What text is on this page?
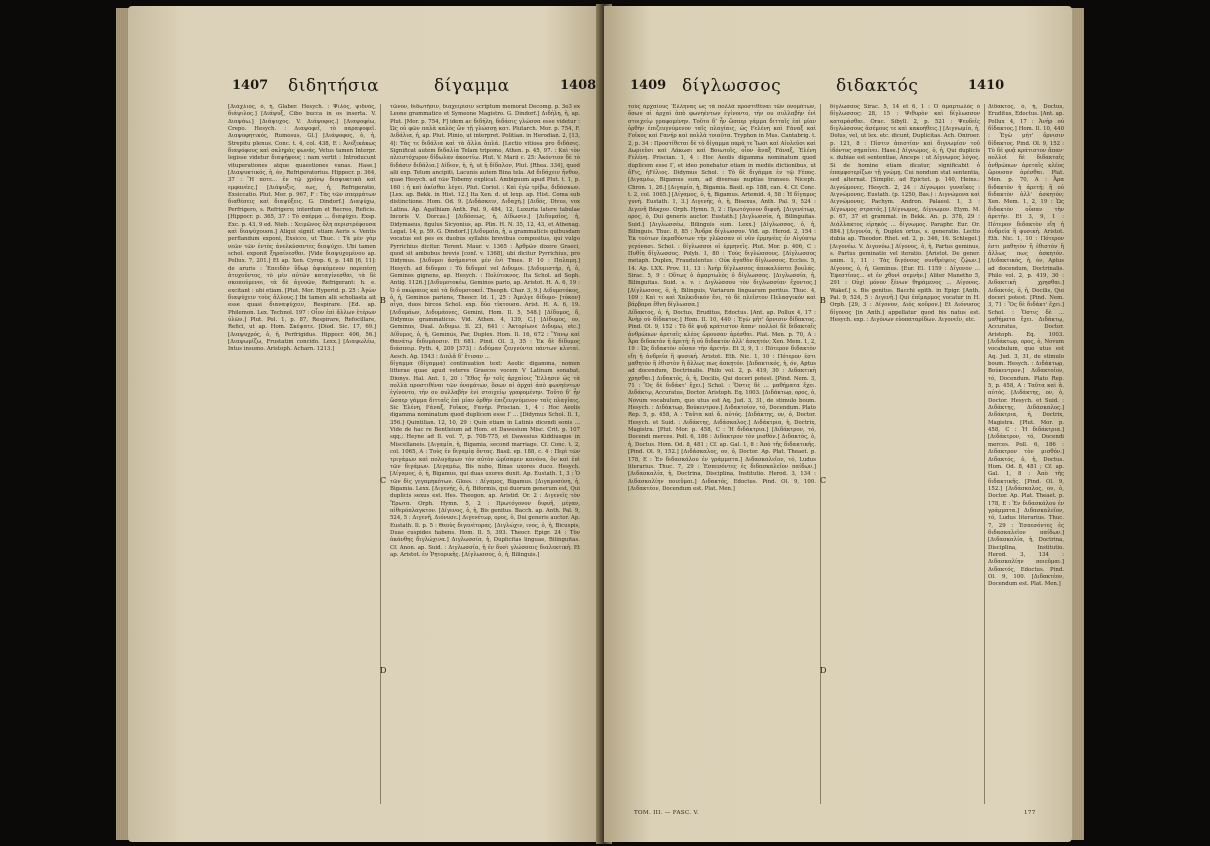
1407 διδητήσια	δίγαμμα	1408

[Διάχλιος, ὁ, ἡ, Glaber. Hesych. : Ψιλός, ψιδνός, διάψιλος.] [Διάψυξ, Cibo bucca in os inserta. V. Διαψάω.] [Διάψυχος. V. Διάψοφος.] [Διαψοφέω, Crepo. Hesych. : Διαψοφεῖ, τὸ παραψοφεῖ. Διαψοφητικός, Rumosus, Gl.] [Διάψοφος, ὁ, ἡ, Strepitu plenus. Conc. t. 4, col. 438, E : Ἀνεξικάκως διαψόφους καὶ σκληρὰς φωνάς. Vetus tamen Interpr. legisse videtur διαψήφους : nam vertit : Introducunt vituperationes atque quaestiones vanas. Hase.] [Διαψυκτικός, ἡ, όν, Refrigeratorius. Hippocr. p. 364, 37 : Ἢ ποτε... ἐν τῷ χρόνῳ διαψυκτικὰ καὶ εμφανέες.] [Διάψυξις, εως, ἡ, Refrigeratio, Exsiccatio. Plut. Mor. p. 967, F : Τὰς τῶν σπερμάτων διαθέσεις καὶ διαψύξεις. G. Dindorf.] Διαψύχω, Perfrigero, s. Refrigero; interdum et Recreo, Reficio. [Hippocr. p. 365, 37 : Τὸ σπέρμα ... διαψύχει. Exsp. Exc. p. 43, 9 ed. Nieb. : Χειμῶνος ὅλη περιστρέφουσα καὶ διαψύχουσα.] Aliqui signif. etiam Aeris s. Ventis perflandum exponi, Exsicco, ut Thuc. : Τὰ μὲν γὰρ νεῶν τῶν ἐντὸς ἀνελκύσαντες διαψύχει. Ubi tamen schol. exponit ξηραίνεσθαι. [Vide διαψυχομένου ap. Pollux. 7, 201.] Et ap. Xen. Cyrop. 6, p. 148 [6, 11]: de aruris : Ἐπειδὰν ὕδωρ ἀφικόμενον παρεπέσῃ ἀτυχοῦντος, τὸ μὲν αὐτῶν καταγίνεσθαι, τὰ δὲ σκοπούμενοι, τὰ δὲ ἀγνοῶν, Refrigerant: h. e. excitant : ubi etiam. [Plut. Mor. Hyperid. p. 25 : Ἀγὼν διαψύχειν τοὺς ἄλλους.] Ibi tamen alii scholiasta ait esse quasi διαναψύχειν, Respirare. [Ed. ap. Philemon. Lex. Technol. 197 : Οἷον ἐπὶ ἄλλων ἑτέρων ὑλῶν.] Plut. Pol. 1, p. 87, Respirare, Refocillare, Refici, ut ap. Hom. Σκέψατε. [Diod. Sic. 17, 69.] [Διαψυχρός, ὁ, ἡ, Perfrigidus. Hippocr. 406, 56.] [Διαψωμίζω, Frustatim concido. Lexx.] [Διαψωλέω, Intus insumo. Aristoph. Acharn. 1213.]

B
C
D

τῶνον, διδωτῆσιν, διαχειρίσιν scriptum memorat Decomg. p. 3ο3 ex Leone grammatico et Symeone Magistro. G. Dindorf.] Διδήλη, ἡ, ap. Plut. [Mor. p. 754, F] idem ac διδήλη, διδάσις γλώσσα esse videtur : Ὡς οὐ φῶν παλὰ καλὸς ὢν τῇ γλώσσῃ κατ. Plutarch. Mor. p. 754, F. Διδάλια, ἡ, ap. Plut. Plinio, ut interpret. Politian. in Herodian. 2, [13, 4]: Τὰς τε διδάλια καὶ τὰ ἄλλα ἁπλά. [Lectio vitiosa pro διδάσις. Significat autem διδαλία Telam tripomo, Athen. p. 45, 97. : Καὶ τὸν πλειστόχυρον δίδωλαν ἀκοντίω. Plut. V. Marii c. 25: Ἀκόντιον δὲ τὸ διδάσιν διδάλια.] Δίδιον, ἡ, ἡ, ut ἡ δίδαλον, Plut. [Rhea. 334], quod alii exp. Telum ancipiti, Lacunis autem Bina tela. Ad διδάχειν ἤνθον, quae Hesych. ad τῶν Tobemy explicat. Ambiguum apud Plut. t. 1, p. 160 : ἡ καὶ ἀκίσθαι λέγει. Plut. Coriol. : Καὶ ἐγὼ τρίβω, διδάσκων. [Lex. ap. Bekk. in Hist. 12.] Ita Xen. d. ut lexp. ap. Hist. Coma sub distinctione. Hom. Od. 9. [Διδάσκειν, Διδαχή.] [Διδός, Divus, vox Latina. Ap. Agathiam Anth. Pal. 9, 484, 12, Luxuria latere tabulae Incoris V. Dorcas.] [Διδόσεως, ἡ, Δίδωσιν.] [Διδυμαῖος, ἡ, Didymaeus, figulus Sicyonius, ap. Plin. H. N. 35, 12, 43, et Athenag. Legat. 14, p. 59. G. Dindorf.] [Διδυμαία, ἡ, a grammaticis quibusdam vocatus est pes ex duobus syllabis brevibus compositus, qui vulgo Pyrrichius dicitur. Terent. Maur. v. 1365 : Ἀρθρῶν dixere Graeci, quod sit ambobus brevis [conf. v. 1368], ubi dicitur Pyrrichius, pro Didymus. [Διδυμοι ἀσήμαντοι μὲν ἐνὶ Tmes. P. 10 : Παλαμη.] Hesych. ad διδυμαι : Τὸ διδυμαί vel Διδυμοι. [Διδυμιστήρ, ἡ, ὁ, Geminos gignens, ap. Hesych. : Πολύτεκνος. Ita Schol. ad Soph. Antig. 1126.] [Διδυμοτοκέω, Geminos pario, ap. Aristot. H. A. 6, 19 : Ὁ ὁ σκώρπιος καὶ τὰ διδυμοτοκεῖ. Theoph. Char. 3, 9.] Διδυμοτόκος, ὁ, ἡ, Geminos pariens, Theocr. Id. 1, 25 : Ἀμελγε δίδυμο- [τόκον] αἶγα, duos hircos Schol. exp. δύο τίκτουσα. Arist. H. A. 6, 19. [Διδυμάων, Διδυμάονες, Gemini, Hom. Il. 5, 548.] [Δίδυμος, δ, Didymus grammaticus. Vid. Athen. 4, 139, C.] [Δίδυμος, ον, Geminus, Dual. Διδυμω. Il. 23, 641 : Ἀκτορίωνε Διδυμω, etc.] Δίδυμος, ὁ, ἡ, Geminus, Par, Duplex. Hom. Il. 16, 672 : Ὕπνῳ καὶ Θανάτῳ διδυμάοσιν. Et 681. Pind. Ol. 3, 35 : Ἐκ δὲ δίδυμος διάσπειρ. Pyth. 4, 209 [373] : Διδύμαν ζευγνύντα πάντων κλυταί. Aesch. Ag. 1543 : Διπλᾶ δ’ ἔτισαν ...

δίγαμμα (δίγαμμα) continuation text: Aeolic digamma, nomen litterae quae apud veteres Graecos vocem V Latinam sonabat. Dionys. Hal. Ant. 1, 20 : Ἔθος ἦν τοῖς ἀρχαίοις Ἕλλησιν ὡς τὰ πολλὰ προστιθέναι τῶν ὀνομάτων, ὅσων αἱ ἀρχαὶ ἀπὸ φωνηέντων ἐγίνοντο, τὴν ου συλλαβὴν ἑνὶ στοιχείῳ γραφομένην. Τοῦτο δ’ ἦν ὥσπερ γάμμα διτταῖς ἐπὶ μίαν ὀρθὴν ἐπιζευγνύμενον ταῖς πλαγίαις. Sic Ἑλένη, Ϝάναξ, Ϝοῖκος, Ϝανήρ. Priscian. 1, 4 : Hoc Aeolis digamma nominatum quod duplicem esse Γ ... [Didymus Schol. Il. 1, 356.] Quintilian. 12, 10, 29 : Quin etiam in Latinis dicendi sonis ... Vide de hac re Bentleium ad Hom. et Dawesium Misc. Crit. p. 107 sqq.; Heyne ad Il. vol. 7, p. 708-775, et Dawesius Kiddiusque in Miscellaneis. [Διγαμία, ἡ, Bigamia, second marriage. Cf. Conc. t. 2, col. 1065, A : Τοὺς ἐν διγαμίᾳ ὄντας. Basil. ep. 188, c. 4 : Περὶ τῶν τριγάμων καὶ πολυγάμων τὸν αὐτὸν ὡρίσαμεν κανόνα, ὃν καὶ ἐπὶ τῶν διγάμων. [Διγαμέω, Bis nubo, Binas uxores duco. Hesych. [Δίγαμος, ὁ, ἡ, Bigamus, qui duas uxores duxit. Ap. Eustath. 1, 3 : Ὁ τῶν δὶς γεγαμηκότων. Gloss. : Δίγαμος, Bigamus. [Διγαμοσύνη, ἡ, Bigamia. Lexx. [Διγενής, ὁ, ἡ, Biformis, qui duorum generum est, Qui duplicis sexus est. Hes. Theogon. ap. Aristid. Or. 2 : Διγενεῖς τὸν Ἔρωτα. Orph. Hymn. 5, 2 : Πρωτόγονον διφυῆ, μέγαν, αἰθερόπλαγκτον. [Δίγενος, ὁ, ἡ, Bis genitus. Bacch. ap. Anth. Pal. 9, 524, 5 : Διγενῆ, Διόνυσε.] Διγενέτωρ, ορος, ὁ, Dui generis auctor. Ap. Eustath. Il. p. 5 : Θεοὺς διγενέτορας. [Διγλώχιν, ινος, ὁ, ἡ, Bicuspis, Duas cuspides habens. Hom. Il. 5, 393. Theocr. Epigr. 24 : Τὸν ἀκάνθης διγλώχινα.] Διγλωσσία, ἡ, Duplicitas linguae, Bilinguitas. Cf. Anon. ap. Suid. : Διγλωσσία, ἡ ἐν δυσὶ γλώσσαις διαλεκτική. Et ap. Aristot. ἐν Ῥητορικῆς. [Δίγλωσσος, ὁ, ἡ, Bilinguis.]

1409 δίγλωσσος	διδακτός	1410

τοὺς ἀρχαίους Ἕλληνας ὡς τὰ πολλὰ προστιθέναι τῶν ὀνομάτων, ὅσων αἱ ἀρχαὶ ἀπὸ φωνηέντων ἐγίνοντο, τὴν ου συλλαβὴν ἑνὶ στοιχείῳ γραφομένην. Τοῦτο δ’ ἦν ὥσπερ γάμμα διτταῖς ἐπὶ μίαν ὀρθὴν ἐπιζευγνύμενον ταῖς πλαγίαις, ὡς Ϝελένη καὶ Ϝάναξ καὶ Ϝοῖκος καὶ Ϝανήρ καὶ πολλὰ τοιαῦτα. Tryphon in Mus. Cantabrig. t. 2, p. 34 : Προστίθεται δὲ τὸ δίγαμμα παρὰ τε Ἴωσι καὶ Αἰολεῦσι καὶ Δωριεῦσι καὶ Λάκωσι καὶ Βοιωτοῖς, οἷον ἄναξ Ϝάναξ, Ἑλένη Ϝελένη. Priscian. 1, 4 : Hoc Aeolis digamma nominatum quod duplicem esse Γ, et ideo ponebatur etiam in mediis dictionibus, ut ὄϜις, ἠϜέλιος. Didymus Schol. : Τὸ δὲ διγάμμα ἐν τῷ Ϝέπος. [Διγαμέω, Bigamus sum, ad diversas nuptias transeo. Niceph. Chron. 1, 26.] [Διγαμία, ἡ, Bigamia. Basil. ep. 188, can. 4. Cf. Conc. t. 2, col. 1065.] [Δίγαμος, ὁ, ἡ, Bigamus. Artemid. 4, 58 : Ἡ δίγαμος γυνή. Eustath. 1, 3.] Διγενής, ὁ, ἡ, Bisexus, Anth. Pal. 9, 524 : Διγενῆ Βάκχον. Orph. Hymn. 5, 2 : Πρωτόγονον διφυῆ. [Διγενέτωρ, ορος, ὁ, Dui generis auctor. Eustath.] [Διγλωσσία, ἡ, Bilinguitas. Suid.] [Διγλωσσέω, Bilinguis sum. Lexx.] [Δίγλωσσος, ὁ, ἡ, Bilinguis. Thuc. 8, 85 : Ἄνδρα δίγλωσσον. Vid. ap. Herod. 2, 154 : Ἐκ τούτων ἐκμαθόντων τὴν γλῶσσαν οἱ νῦν ἑρμηνέες ἐν Αἰγύπτῳ γεγόνασι. Schol. : δίγλωσσοι οἱ ἑρμηνεῖς. Plut. Mor. p. 406, C : Πυθίη δίγλωσσος. Polyb. 1, 80 : Τοὺς διγλώσσους. [Δίγλωσσος metaph. Duplex, Fraudulentus : Οὐκ ἀγαθὸν δίγλωσσος. Eccles. 5, 14. Ap. LXX. Prov. 11, 13 : Ἀνὴρ δίγλωσσος ἀποκαλύπτει βουλάς. Sirac. 5, 9 : Οὕτως ὁ ἁμαρτωλὸς ὁ δίγλωσσος. [Διγλωσσία, ἡ, Bilinguitas. Suid. s. v. : Διγλώσσου τὸν διγλωσσίαν ἔχοντος.] [Δίγλωσσος, ὁ, ἡ, Bilinguis, Variarum linguarum peritus. Thuc. 4, 109 : Καὶ τι καὶ Χαλκιδικόν ἔνι, τὸ δὲ πλεῖστον Πελασγικόν καὶ βάρβαρα ἔθνη δίγλωσσα.]

Δίδακτος, ὁ, ἡ, Doctus, Eruditus, Edoctus. [Ant. ap. Pollux 4, 17 : Ἀνὴρ οὐ δίδακτος.] Hom. Il. 10, 440 : Ἐγὼ μήτ' ὄρνισιν δίδακτος. Pind. Ol. 9, 152 : Τὸ δὲ φυᾷ κράτιστον ἅπαν· πολλοὶ δὲ διδακταῖς ἀνθρώπων ἀρεταῖς κλέος ὤρουσαν ἀρέσθαι. Plat. Men. p. 70, A : Ἆρα διδακτὸν ἡ ἀρετή; ἢ οὐ διδακτὸν ἀλλ' ἀσκητόν; Xen. Mem. 1, 2, 19 : Ὡς διδακτὸν οὖσαν τὴν ἀρετήν. Et 3, 9, 1 : Πότερον διδακτὸν εἴη ἡ ἀνδρεία ἢ φυσική. Aristot. Eth. Nic. 1, 10 : Πότερον ἐστι μαθητὸν ἢ ἐθιστὸν ἢ ἄλλως πως ἀσκητόν. [Διδακτικός, ἡ, όν, Aptus ad docendum, Doctrinalis. Philo vol. 2, p. 419, 30 : Διδακτικὴ χρησθαι.] Διδακτός, ὁ, ἡ, Docilis, Qui doceri potest. [Pind. Nem. 3, 71 : Ὃς δὲ διδάκτ' ἔχει.] Schol. : Ὅστις δὲ ... μαθήματα ἔχει. Διδάκτῳ, Accuratus, Doctor. Aristoph. Eq. 1003. [Διδάκτωρ, ορος, ὁ, Novum vocabulum, quo utus est Aq. Jud. 3, 31, de stimulo boum. Hesych. : Διδάκτωρ, Βούκεντρον.] Διδακτοίον, τό, Docendum. Plato Rep. 5, p. 458, A : Ταῦτα καὶ ἄ. αὐτός. [Διδάκτης, ον, ὁ, Doctor. Hesych. et Suid. : Διδάκτης, Διδάσκαλος.] Διδάκτρια, ἡ, Doctrix, Magistra. [Plut. Mor. p. 458, C : Ἡ διδάκτρια.] [Διδάκτρον, τό, Docendi merces. Poll. 6, 186 : Διδακτρον τὸν μισθόν.] Διδακτός, ὁ, ἡ, Doctus. Hom. Od. 8, 481 ; Cf. ap. Gal. 1, 8 : Ἀπὸ τῆς διδακτικῆς. [Pind. Ol. 9, 152.] [Διδάσκαλος, ον, ὁ, Doctor. Ap. Plat. Theaet. p. 178, Ε : Ἐν διδασκάλου ἐν γράμματα.] Διδασκαλεῖον, τό, Ludus literarius. Thuc. 7, 29 : Ἐσπεσόντες ἐς διδασκαλεῖον παίδων.] [Διδασκαλία, ἡ, Doctrina, Disciplina, Institutio. Herod. 3, 134 : Διδασκαλίην ποιεῦμαι.] Διδακτός, Edoctus. Pind. Ol. 9, 100. [Διδακτέον, Docendum est. Plat. Men.]

B
C
D

δίγλωσσος Sirac. 5, 14 et 6, 1 : Ὁ ἁμαρτωλὸς ὁ δίγλωσσος: 28, 15 : Ψιθυρὸν καὶ δίγλωσσον καταράσθαι. Orac. Sibyll. 2, p. 521 : Ψευδεῖς διγλώσσους ἀσέμους τε καὶ κακοήθεις.] [Διγνωμία, ἡ, Dolus, vel, ut lex. etc. dicunt, Duplicitas. Ach. Oniroer. p. 121, 8 : Πίστιν ἀπιστίαν καὶ διγνωμίαν τοῦ ἰδόντος σημαίνει. Hase.] Δίγνωμος, ὁ, ἡ, Qui duplicis s. dubiae est sententiae, Anceps : ut Δίγνωμος λόγος. Si de homine etiam dicatur, significabit ὁ ἐπαμφοτερίζων τῇ γνώμῃ. Cui nondum stat sententia, sed alternat. [Simplic. ad Epictet. p. 140, Heins.: Διγνώμονες. Hesych. 2, 24 : Δίγνωμοι γυναῖκες : Διγνώμονας. Eustath. (p. 1250, Bas.) : Διγνώμονα καὶ Διγνώμονας. Pachym. Andron. Palaeol. 1, 3 : Δίγνωμος στρατός.] [Δίγνωμος, Δίγνωμον. Etym. M. p. 67, 37 et grammat. in Bekk. An. p. 378, 29 : Διάλλακτος εἰρηκὸς ... δίγνωμος. Paraphr. Eur. Or. 884.] [Διγονία, ἡ, Duplex ortus, s. generatio. Lectio dubia ap. Theodor. Rhet. ed. 2, p. 346, 16. Schlegel.] [Διγονέω. V. Διγονόω.] Δίγονος, ὁ, ἡ, Partus geminus, s. Partus geminatio vel iteratio. [Aristot. De gener. anim. 1, 11 : Τὰς διγόνους συνθρέψεις ζῴων.] Δίγονος, ὁ, ἡ, Geminus. [Eur. El. 1159 : Δίγονον ... Ἐφεστίους... et ἐν χθονὶ σεμνὴν.] Aliter Manetho 5, 291 : Οὐχὶ μόνον ξένων θηράμενος ... Δίγονος. Wakef.] s. Bis genitus. Bacchi epith. in Epigr. [Anth. Pal. 9, 524, 5 : Διγενῆ.] Qui ἐπίμαρμος vocatur in H. Orph. [29, 3 : Δίγονον, Διὸς κοῦρον.] Et Διόνυσος δίγονος [in Anth.] appellatur quod bis natus est. Hesych. exp. : Διγόνων εὐοπαταρίδων. Διγονεῖν, etc.

Δίδακτος, ὁ, ἡ, Doctus, Eruditus, Edoctus. [Ant. ap. Pollux 4, 17 : Ἀνὴρ οὐ δίδακτος.] Hom. Il. 10, 440 : Ἐγὼ μήτ' ὄρνισιν δίδακτος. Pind. Ol. 9, 152 : Τὸ δὲ φυᾷ κράτιστον ἅπαν· πολλοὶ δὲ διδακταῖς ἀνθρώπων ἀρεταῖς κλέος ὤρουσαν ἀρέσθαι. Plat. Men. p. 70, A : Ἆρα διδακτὸν ἡ ἀρετή; ἢ οὐ διδακτὸν ἀλλ' ἀσκητόν; Xen. Mem. 1, 2, 19 : Ὡς διδακτὸν οὖσαν τὴν ἀρετήν. Et 3, 9, 1 : Πότερον διδακτὸν εἴη ἡ ἀνδρεία ἢ φυσική. Aristot. Eth. Nic. 1, 10 : Πότερον ἐστι μαθητὸν ἢ ἐθιστὸν ἢ ἄλλως πως ἀσκητόν. [Διδακτικός, ἡ, όν, Aptus ad docendum, Doctrinalis. Philo vol. 2, p. 419, 30 : Διδακτικὴ χρησθαι.] Διδακτός, ὁ, ἡ, Docilis, Qui doceri potest. [Pind. Nem. 3, 71 : Ὃς δὲ διδάκτ' ἔχει.] Schol. : Ὅστις δὲ ... μαθήματα ἔχει. Διδάκτῳ, Accuratus, Doctor. Aristoph. Eq. 1003. [Διδάκτωρ, ορος, ὁ, Novum vocabulum, quo utus est Aq. Jud. 3, 31, de stimulo boum. Hesych. : Διδάκτωρ, Βούκεντρον.] Διδακτοίον, τό, Docendum. Plato Rep. 5, p. 458, A : Ταῦτα καὶ ἄ. αὐτός. [Διδάκτης, ον, ὁ, Doctor. Hesych. et Suid. : Διδάκτης, Διδάσκαλος.] Διδάκτρια, ἡ, Doctrix, Magistra. [Plut. Mor. p. 458, C : Ἡ διδάκτρια.] [Διδάκτρον, τό, Docendi merces. Poll. 6, 186 : Διδακτρον τὸν μισθόν.] Διδακτός, ὁ, ἡ, Doctus. Hom. Od. 8, 481 ; Cf. ap. Gal. 1, 8 : Ἀπὸ τῆς διδακτικῆς. [Pind. Ol. 9, 152.] [Διδάσκαλος, ον, ὁ, Doctor. Ap. Plat. Theaet. p. 178, Ε : Ἐν διδασκάλου ἐν γράμματα.] Διδασκαλεῖον, τό, Ludus literarius. Thuc. 7, 29 : Ἐσπεσόντες ἐς διδασκαλεῖον παίδων.] [Διδασκαλία, ἡ, Doctrina, Disciplina, Institutio. Herod. 3, 134 : Διδασκαλίην ποιεῦμαι.] Διδακτός, Edoctus. Pind. Ol. 9, 100. [Διδακτέον, Docendum est. Plat. Men.]

TOM. III. — FASC. V.	177
